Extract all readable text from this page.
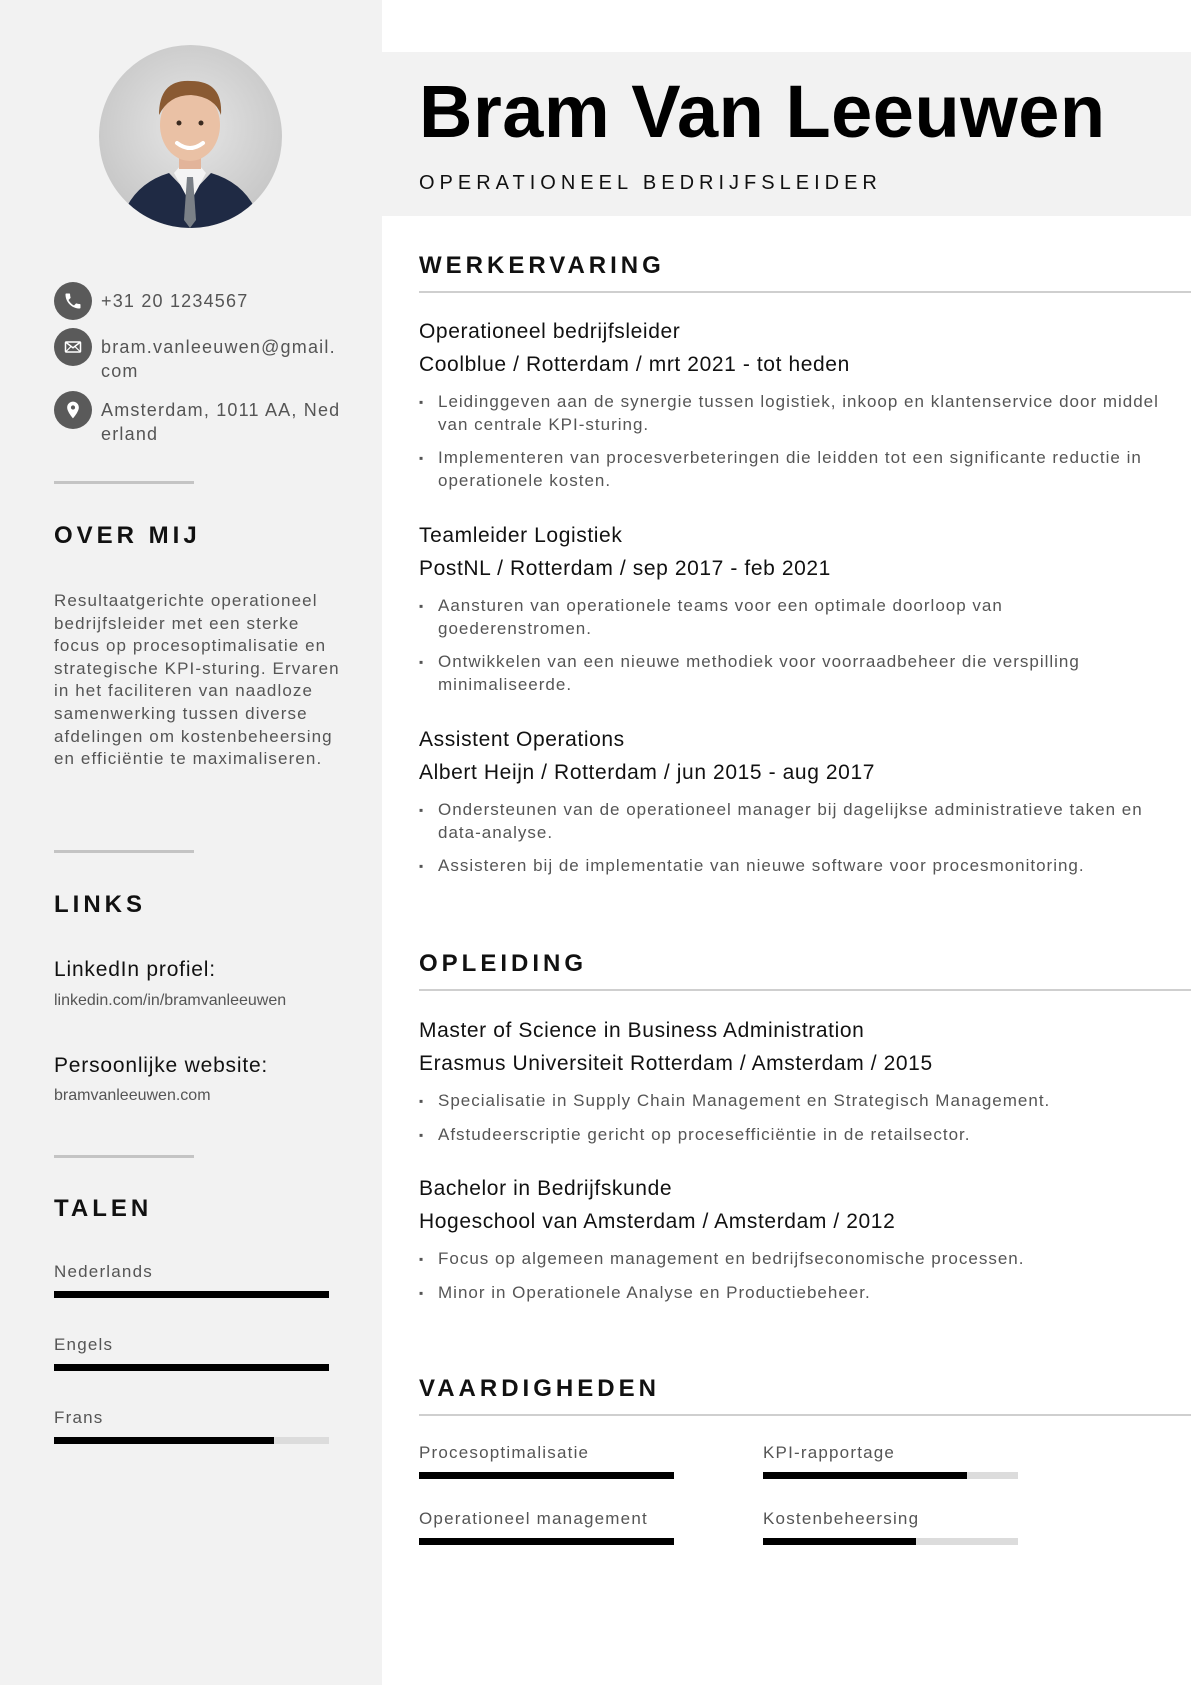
+31 20 1234567
bram.vanleeuwen@gmail.com
Amsterdam, 1011 AA, Nederland
OVER MIJ

Resultaatgerichte operationeel bedrijfsleider met een sterke focus op procesoptimalisatie en strategische KPI-sturing. Ervaren in het faciliteren van naadloze samenwerking tussen diverse afdelingen om kostenbeheersing en efficiëntie te maximaliseren.

LINKS
LinkedIn profiel:
linkedin.com/in/bramvanleeuwen
Persoonlijke website:
bramvanleeuwen.com
TALEN
Nederlands
Engels
Frans
Bram Van Leeuwen
OPERATIONEEL BEDRIJFSLEIDER
WERKERVARING
Operationeel bedrijfsleider
Coolblue / Rotterdam / mrt 2021 - tot heden
▪ Leidinggeven aan de synergie tussen logistiek, inkoop en klantenservice door middel van centrale KPI-sturing.
▪ Implementeren van procesverbeteringen die leidden tot een significante reductie in operationele kosten.
Teamleider Logistiek
PostNL / Rotterdam / sep 2017 - feb 2021
▪ Aansturen van operationele teams voor een optimale doorloop van goederenstromen.
▪ Ontwikkelen van een nieuwe methodiek voor voorraadbeheer die verspilling minimaliseerde.
Assistent Operations
Albert Heijn / Rotterdam / jun 2015 - aug 2017
▪ Ondersteunen van de operationeel manager bij dagelijkse administratieve taken en data-analyse.
▪ Assisteren bij de implementatie van nieuwe software voor procesmonitoring.
OPLEIDING
Master of Science in Business Administration
Erasmus Universiteit Rotterdam / Amsterdam / 2015
▪ Specialisatie in Supply Chain Management en Strategisch Management.
▪ Afstudeerscriptie gericht op procesefficiëntie in de retailsector.
Bachelor in Bedrijfskunde
Hogeschool van Amsterdam / Amsterdam / 2012
▪ Focus op algemeen management en bedrijfseconomische processen.
▪ Minor in Operationele Analyse en Productiebeheer.
VAARDIGHEDEN
Procesoptimalisatie	KPI-rapportage
Operationeel management	Kostenbeheersing
